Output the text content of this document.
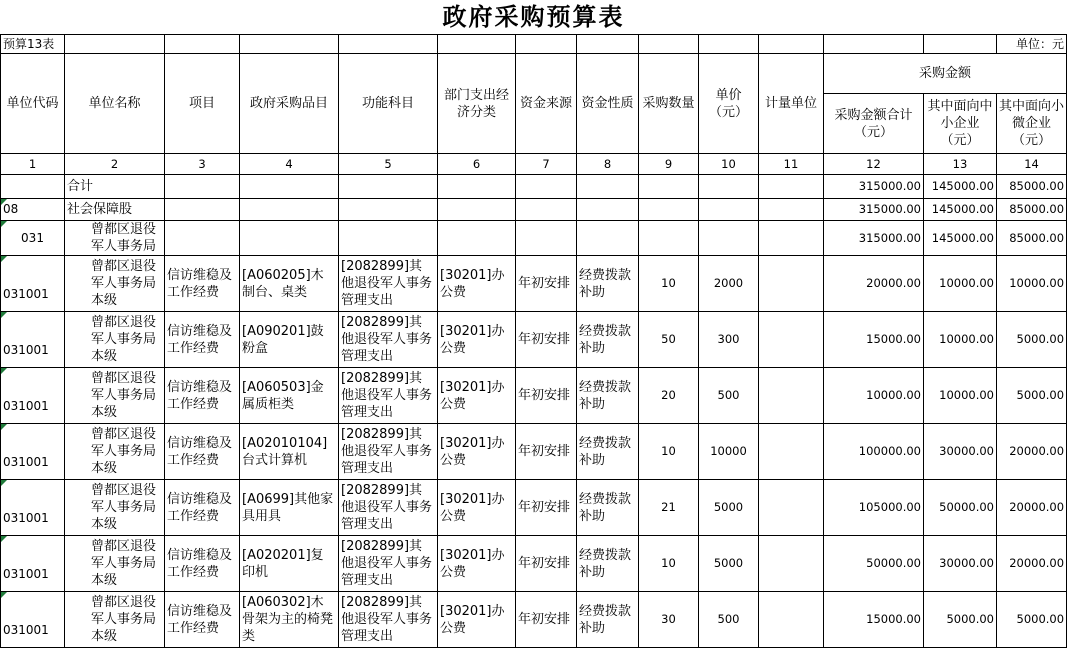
政府采购预算表													
预算13表													单位：元
单位代码	单位名称	项目	政府采购品目	功能科目	部门支出经济分类	资金来源	资金性质	采购数量	单价（元）	计量单位	采购金额		
											采购金额合计（元）	其中面向中小企业（元）	其中面向小微企业（元）
1	2	3	4	5	6	7	8	9	10	11	12	13	14
	合计										315000.00	145000.00	85000.00
08	社会保障股										315000.00	145000.00	85000.00
031	曾都区退役军人事务局										315000.00	145000.00	85000.00
031001	曾都区退役军人事务局本级	信访维稳及工作经费	[A060205]木制台、桌类	[2082899]其他退役军人事务管理支出	[30201]办公费	年初安排	经费拨款补助	10	2000		20000.00	10000.00	10000.00
031001	曾都区退役军人事务局本级	信访维稳及工作经费	[A090201]鼓粉盒	[2082899]其他退役军人事务管理支出	[30201]办公费	年初安排	经费拨款补助	50	300		15000.00	10000.00	5000.00
031001	曾都区退役军人事务局本级	信访维稳及工作经费	[A060503]金属质柜类	[2082899]其他退役军人事务管理支出	[30201]办公费	年初安排	经费拨款补助	20	500		10000.00	10000.00	5000.00
031001	曾都区退役军人事务局本级	信访维稳及工作经费	[A02010104]台式计算机	[2082899]其他退役军人事务管理支出	[30201]办公费	年初安排	经费拨款补助	10	10000		100000.00	30000.00	20000.00
031001	曾都区退役军人事务局本级	信访维稳及工作经费	[A0699]其他家具用具	[2082899]其他退役军人事务管理支出	[30201]办公费	年初安排	经费拨款补助	21	5000		105000.00	50000.00	20000.00
031001	曾都区退役军人事务局本级	信访维稳及工作经费	[A020201]复印机	[2082899]其他退役军人事务管理支出	[30201]办公费	年初安排	经费拨款补助	10	5000		50000.00	30000.00	20000.00
031001	曾都区退役军人事务局本级	信访维稳及工作经费	[A060302]木骨架为主的椅凳类	[2082899]其他退役军人事务管理支出	[30201]办公费	年初安排	经费拨款补助	30	500		15000.00	5000.00	5000.00
